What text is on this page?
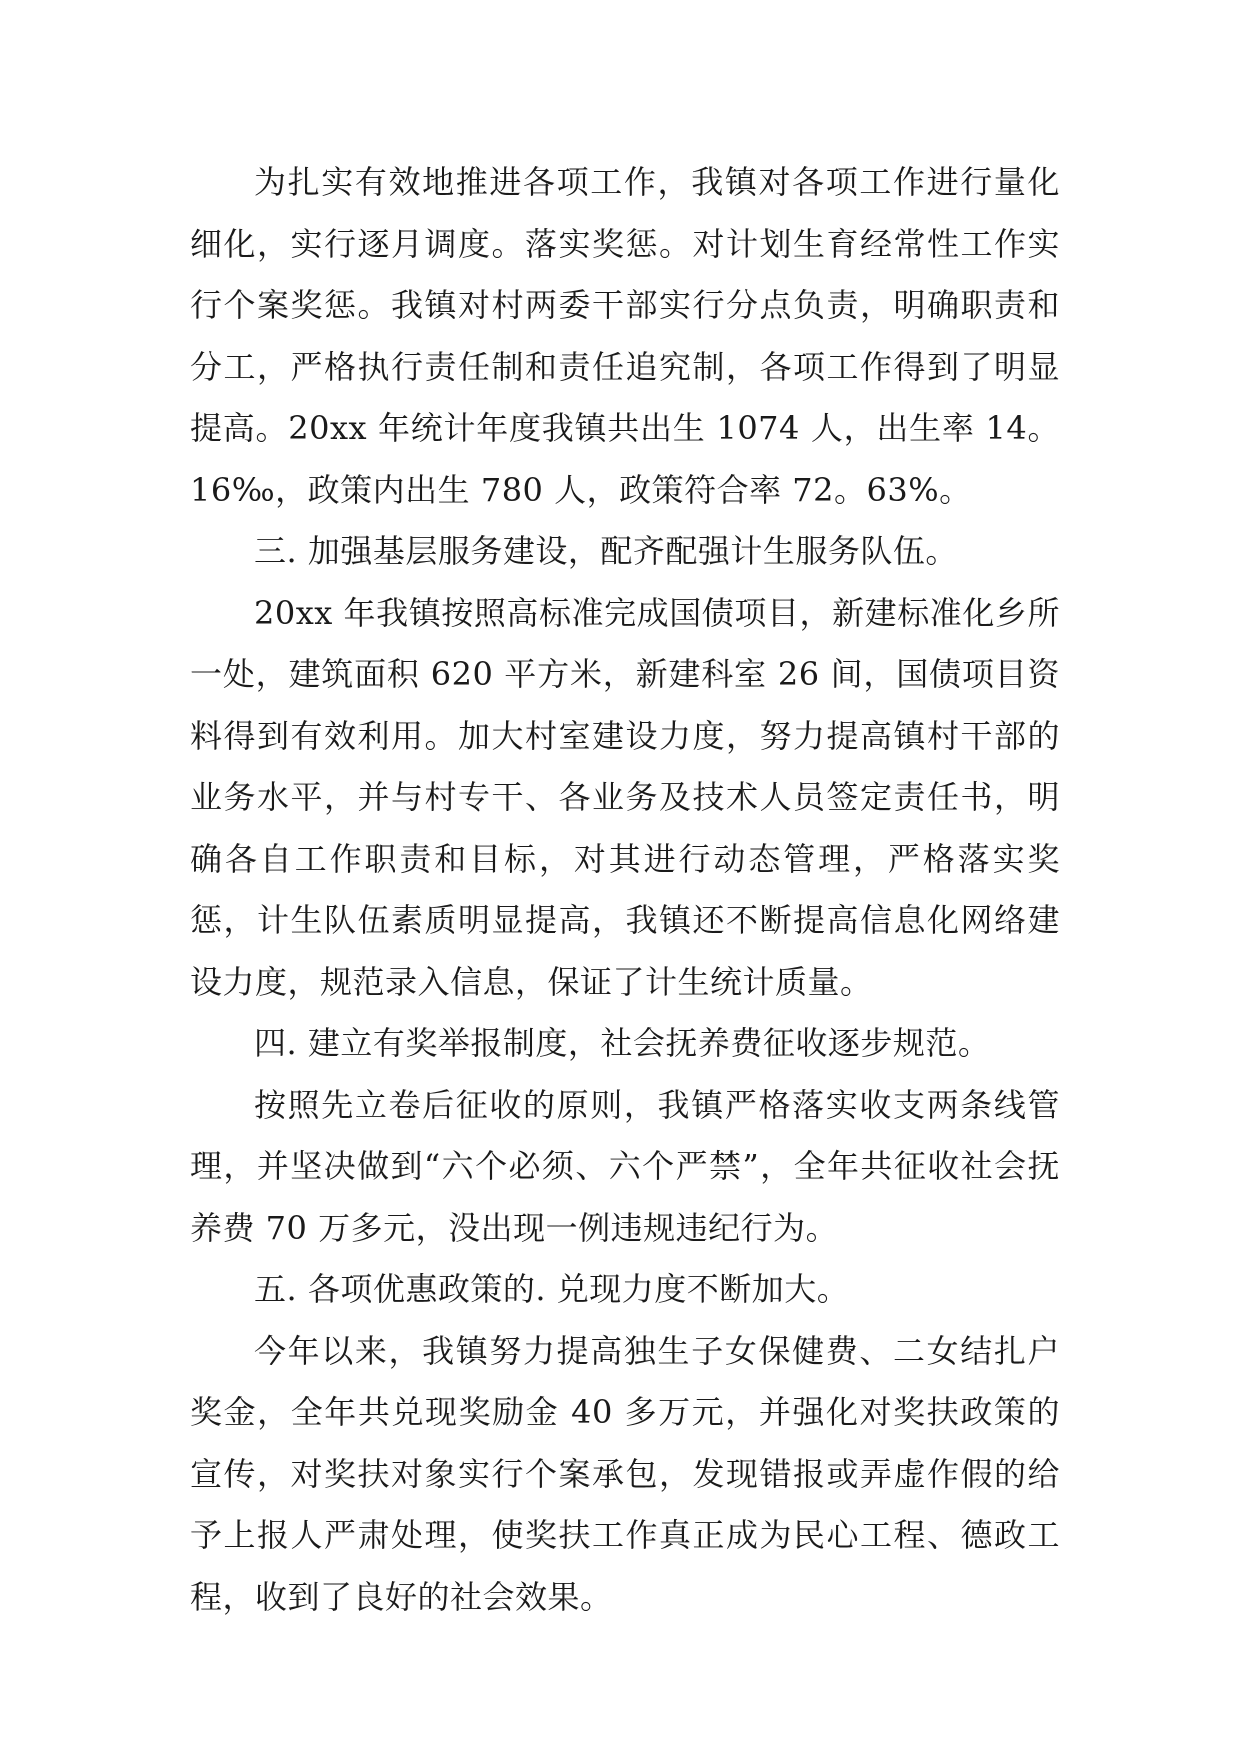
为扎实有效地推进各项工作，我镇对各项工作进行量化细化，实行逐月调度。落实奖惩。对计划生育经常性工作实行个案奖惩。我镇对村两委干部实行分点负责，明确职责和分工，严格执行责任制和责任追究制，各项工作得到了明显提高。20xx 年统计年度我镇共出生 1074 人，出生率 14。16‰，政策内出生 780 人，政策符合率 72。63%。

三. 加强基层服务建设，配齐配强计生服务队伍。

20xx 年我镇按照高标准完成国债项目，新建标准化乡所一处，建筑面积 620 平方米，新建科室 26 间，国债项目资料得到有效利用。加大村室建设力度，努力提高镇村干部的业务水平，并与村专干、各业务及技术人员签定责任书，明确各自工作职责和目标，对其进行动态管理，严格落实奖惩，计生队伍素质明显提高，我镇还不断提高信息化网络建设力度，规范录入信息，保证了计生统计质量。

四. 建立有奖举报制度，社会抚养费征收逐步规范。

按照先立卷后征收的原则，我镇严格落实收支两条线管理，并坚决做到“六个必须、六个严禁”，全年共征收社会抚养费 70 万多元，没出现一例违规违纪行为。

五. 各项优惠政策的. 兑现力度不断加大。

今年以来，我镇努力提高独生子女保健费、二女结扎户奖金，全年共兑现奖励金 40 多万元，并强化对奖扶政策的宣传，对奖扶对象实行个案承包，发现错报或弄虚作假的给予上报人严肃处理，使奖扶工作真正成为民心工程、德政工程，收到了良好的社会效果。
